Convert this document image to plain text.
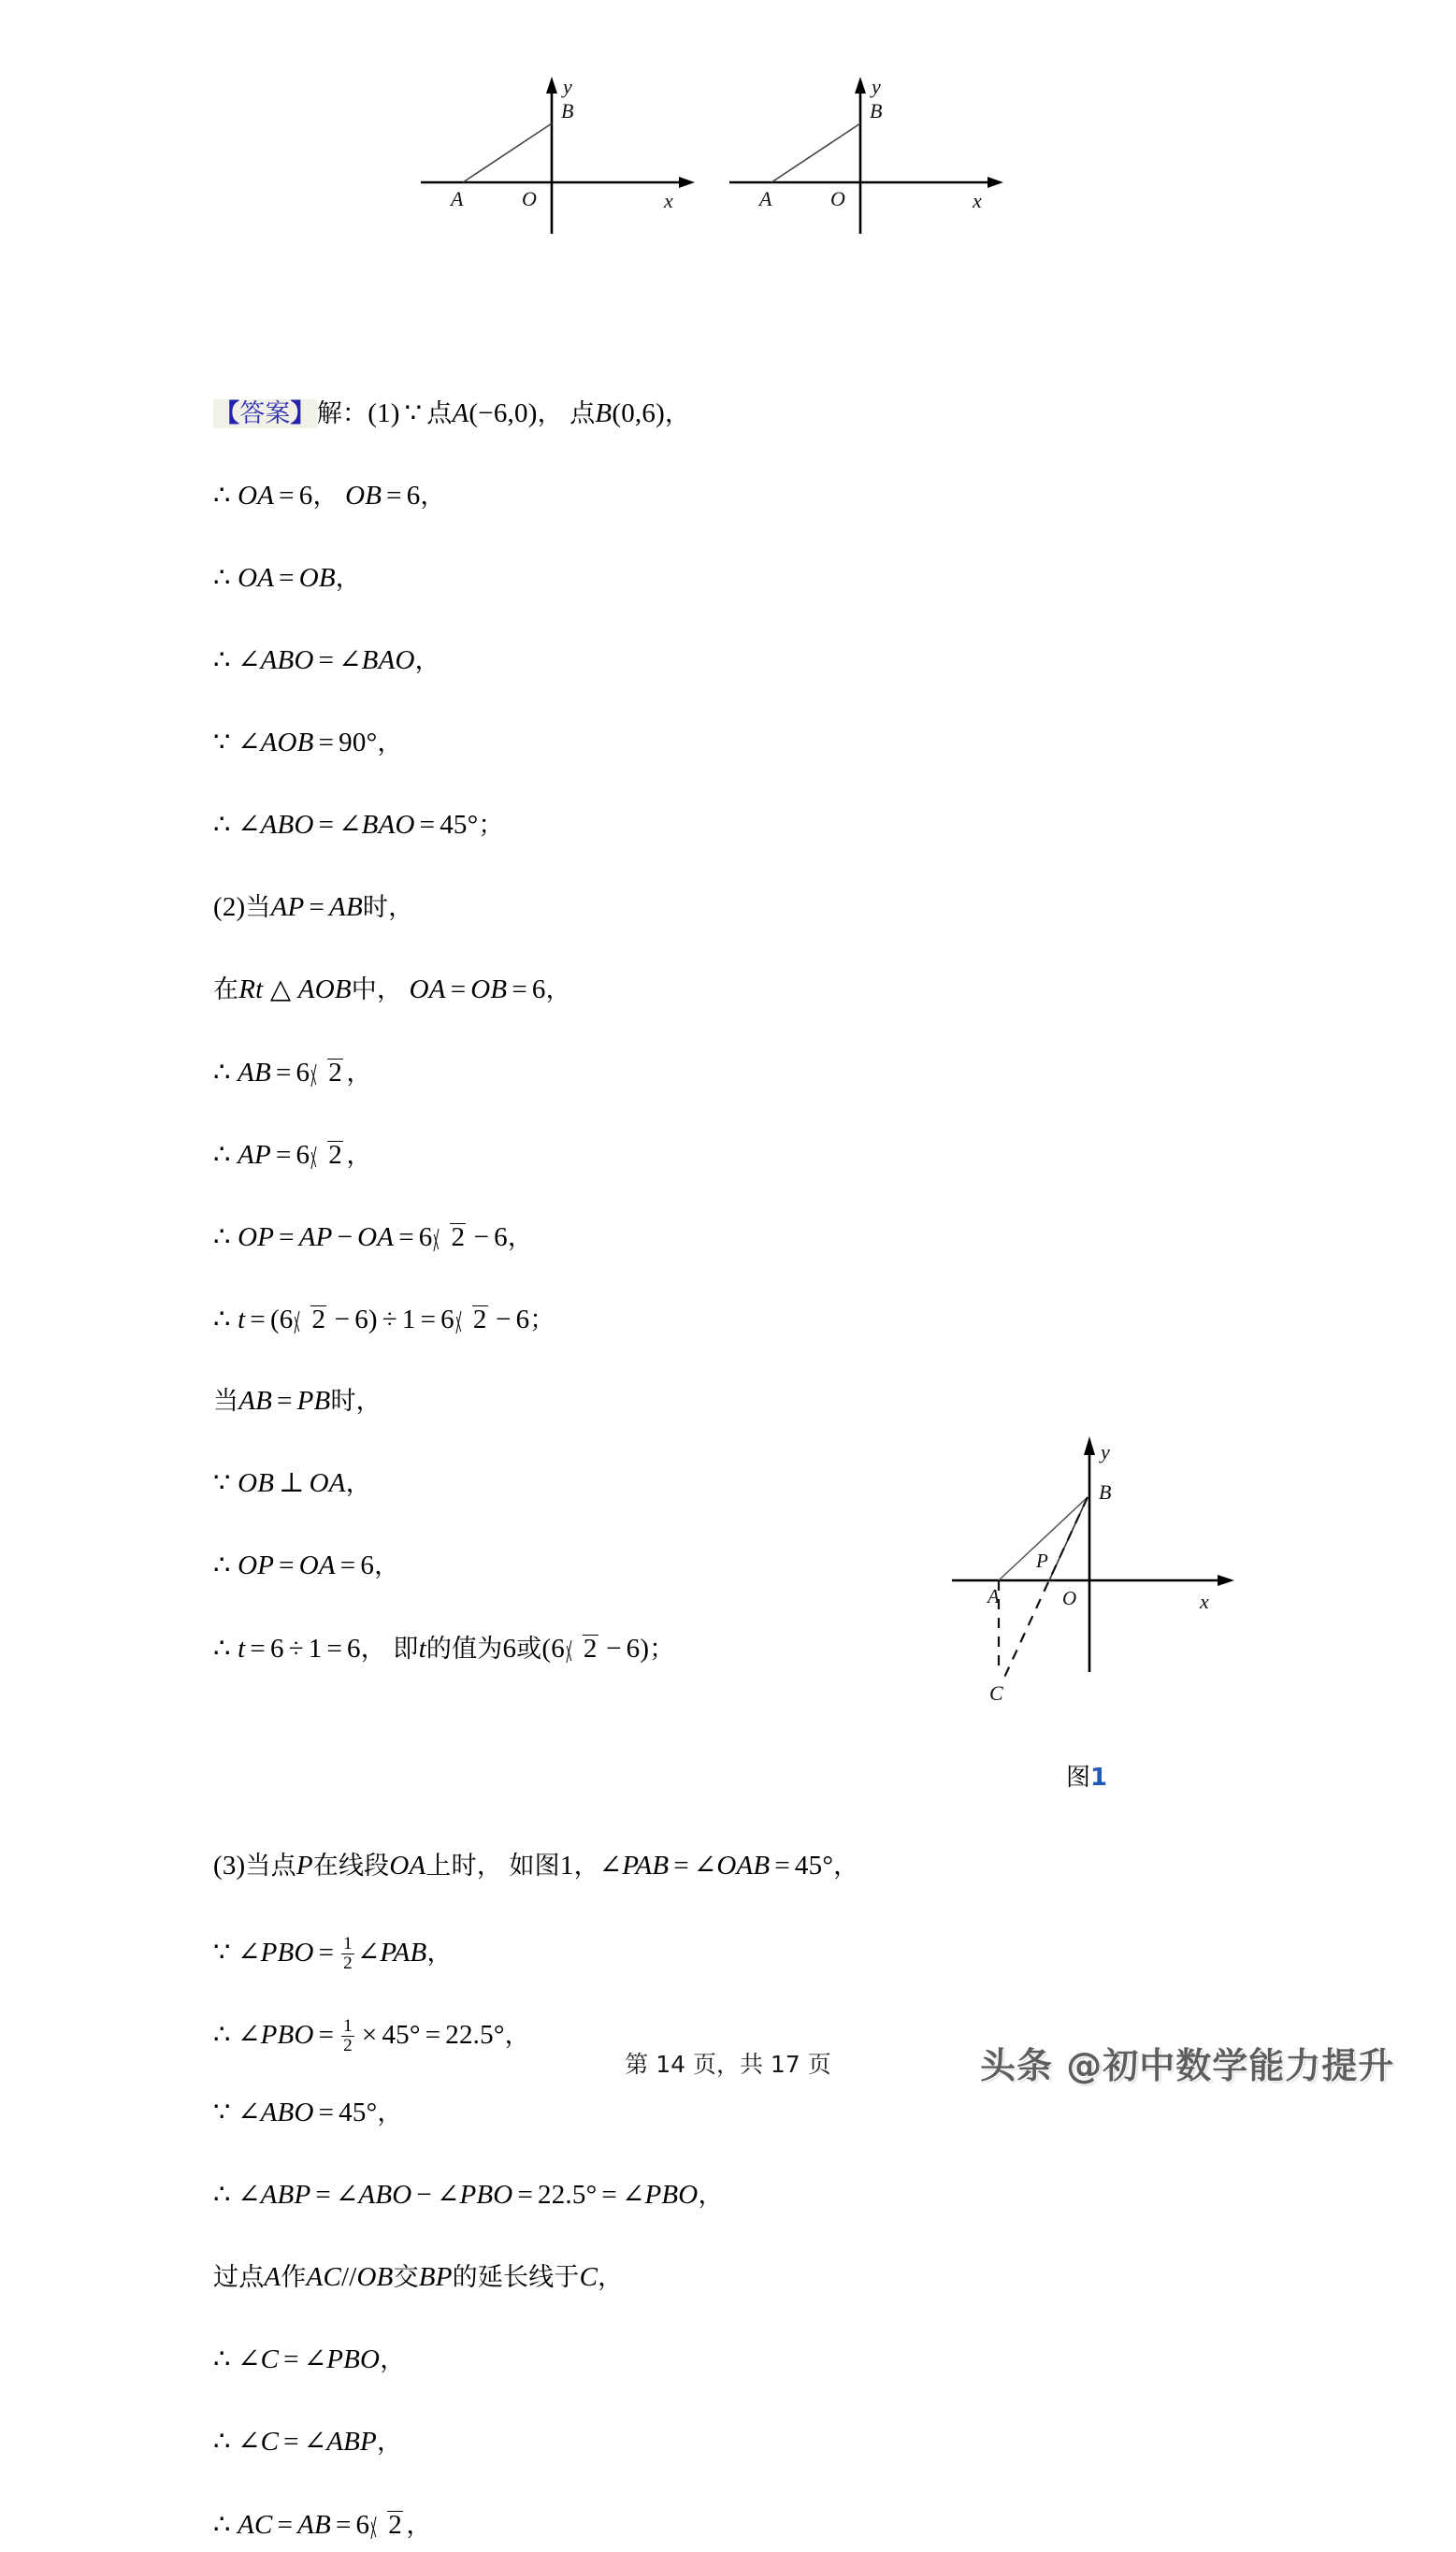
B
A	O	x
y
B
A	O	x
y
【答案】解：(1) ∵ 点A(−6,0)， 点B(0,6)，
∴ OA = 6， OB = 6，
∴ OA = OB，
∴ ∠ABO = ∠BAO，
∵ ∠AOB = 90°，
∴ ∠ABO = ∠BAO = 45°；
(2)当AP = AB时，
在Rt △ AOB中， OA = OB = 6，
∴ AB = 6 2 ，
∴ AP = 6 2 ，
∴ OP = AP − OA = 6 2 − 6，
∴ t = (6 2 − 6) ÷ 1 = 6 2 − 6；
当AB = PB时，
∵ OB ⊥ OA，
∴ OP = OA = 6，
∴ t = 6 ÷ 1 = 6， 即t的值为6或(6 2 − 6)；
(3)当点P在线段OA上时， 如图1，∠PAB = ∠OAB = 45°，
∵ ∠PBO = $\frac{1}{2}$ ∠PAB，
∴ ∠PBO = $\frac{1}{2} \times 45^\circ = 22.5^\circ$，
∵ ∠ABO = 45°，
∴ ∠ABP = ∠ABO − ∠PBO = 22.5° = ∠PBO，
过点A作AC//OB交BP的延长线于C，
∴ ∠C = ∠PBO，
∴ ∠C = ∠ABP，
∴ AC = AB = 6 2 ，
B
P
A	O	x
y
C
图1
第 14 页，共 17 页	头条 @初中数学能力提升
